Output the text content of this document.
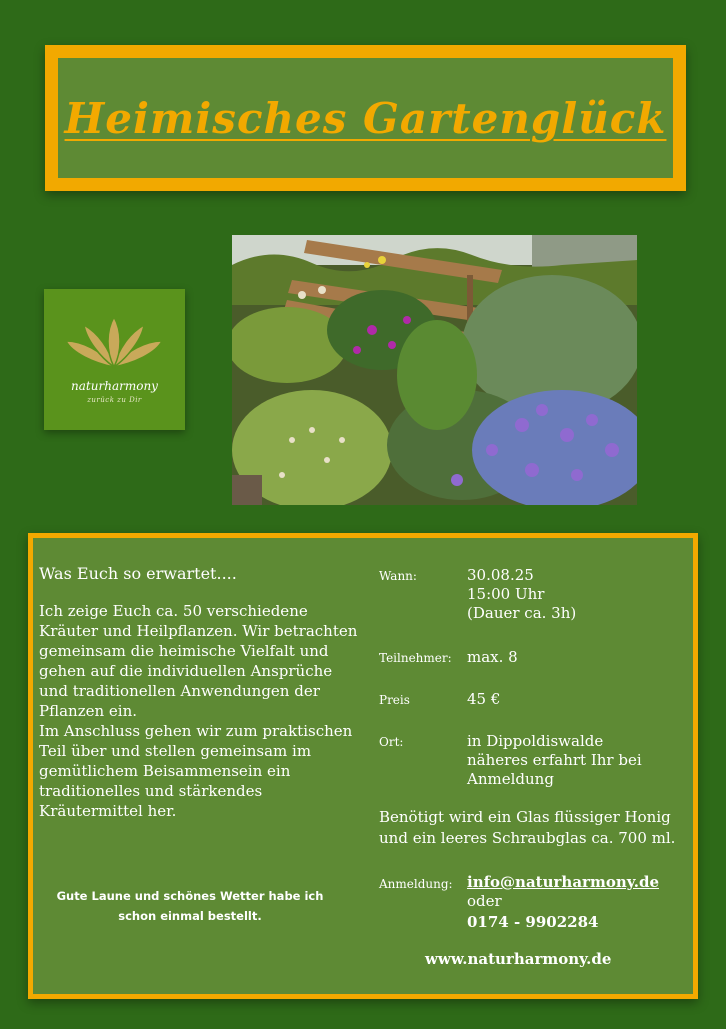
Heimisches Gartenglück
naturharmony
zurück zu Dir
Was Euch so erwartet....

Ich zeige Euch ca. 50 verschiedene Kräuter und Heilpflanzen. Wir betrachten gemeinsam die heimische Vielfalt und gehen auf die individuellen Ansprüche und traditionellen Anwendungen der Pflanzen ein.

Im Anschluss gehen wir zum praktischen Teil über und stellen gemeinsam im gemütlichem Beisammensein ein traditionelles und stärkendes Kräutermittel her.

Gute Laune und schönes Wetter habe ich schon einmal bestellt.
Wann:	30.08.25
15:00 Uhr
(Dauer ca. 3h)
Teilnehmer: max. 8
Preis	45 €
Ort:	in Dippoldiswalde
näheres erfahrt Ihr bei Anmeldung
Benötigt wird ein Glas flüssiger Honig und ein leeres Schraubglas ca. 700 ml.
Anmeldung: info@naturharmony.de
oder
0174 - 9902284
www.naturharmony.de
